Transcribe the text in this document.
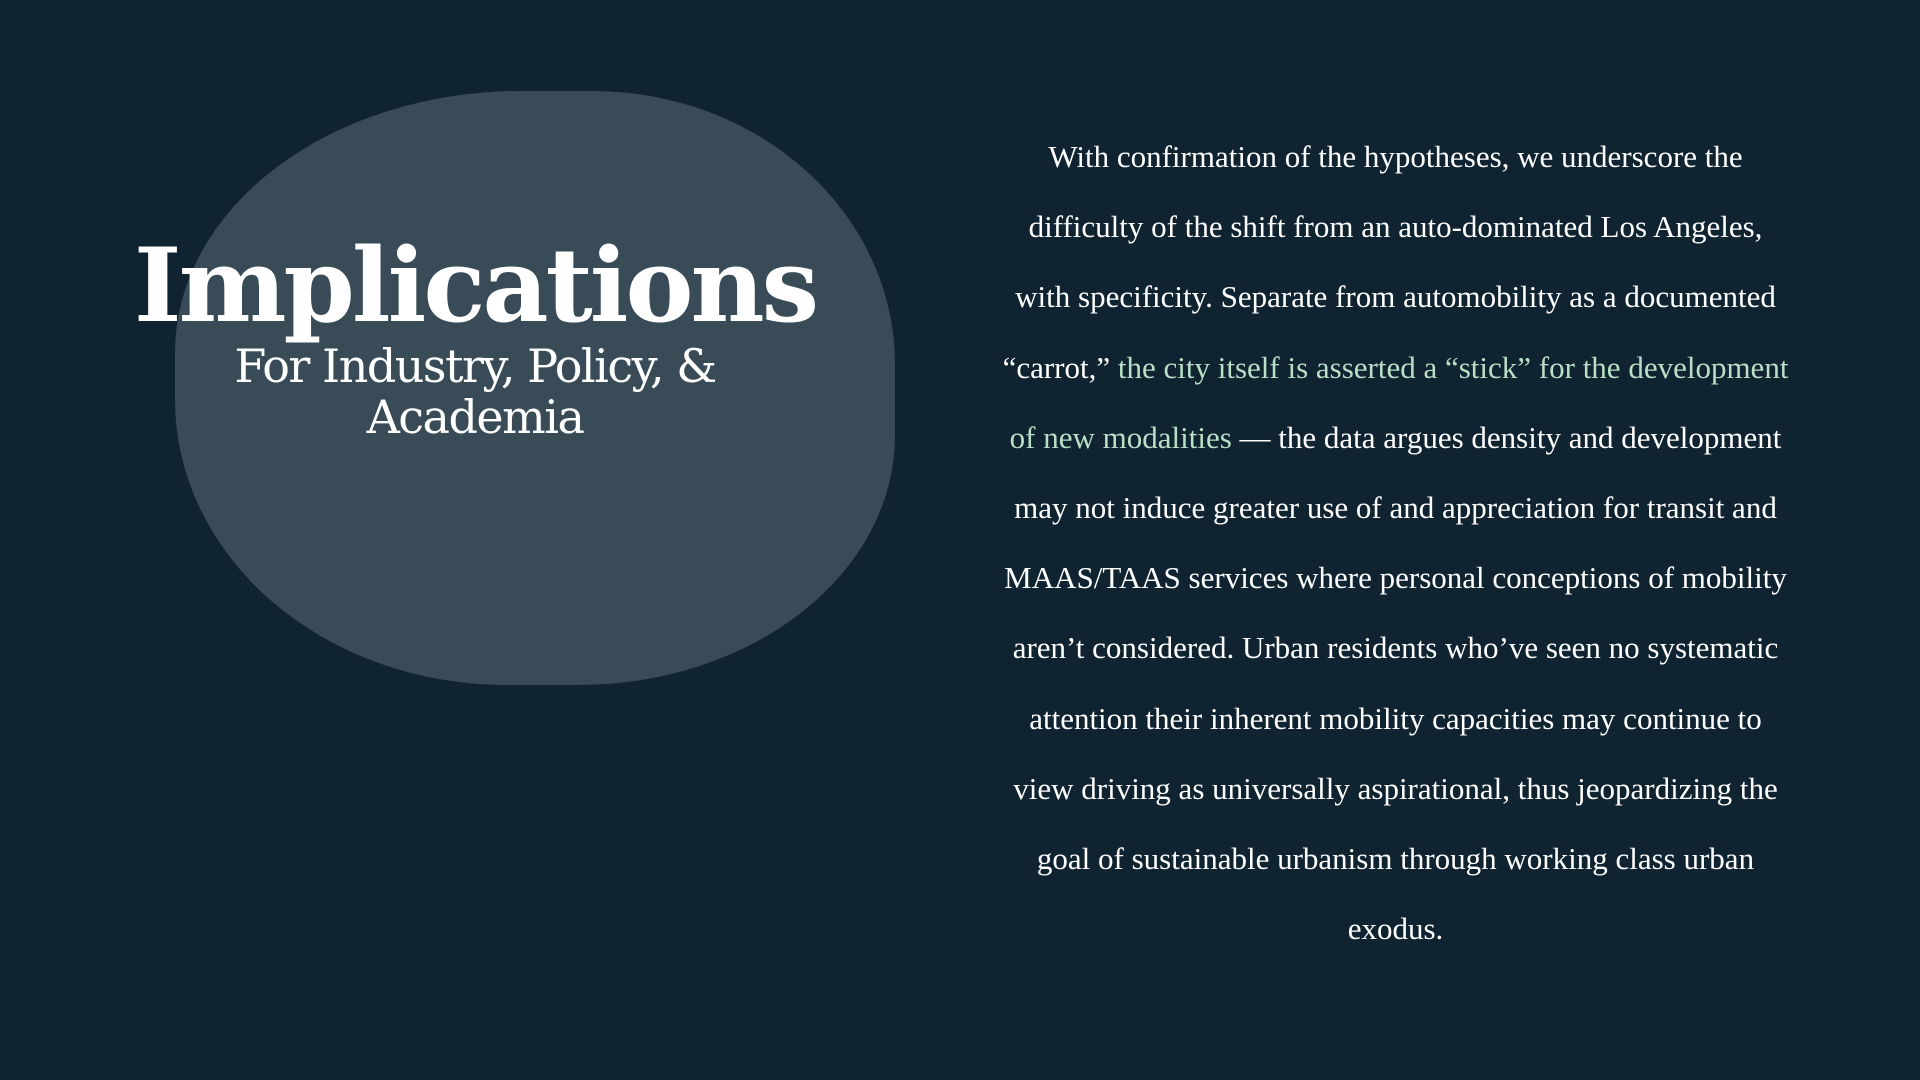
Implications
For Industry, Policy, & Academia

With confirmation of the hypotheses, we underscore the difficulty of the shift from an auto-dominated Los Angeles, with specificity. Separate from automobility as a documented “carrot,” the city itself is asserted a “stick” for the development of new modalities — the data argues density and development may not induce greater use of and appreciation for transit and MAAS/TAAS services where personal conceptions of mobility aren’t considered. Urban residents who’ve seen no systematic attention their inherent mobility capacities may continue to view driving as universally aspirational, thus jeopardizing the goal of sustainable urbanism through working class urban exodus.
